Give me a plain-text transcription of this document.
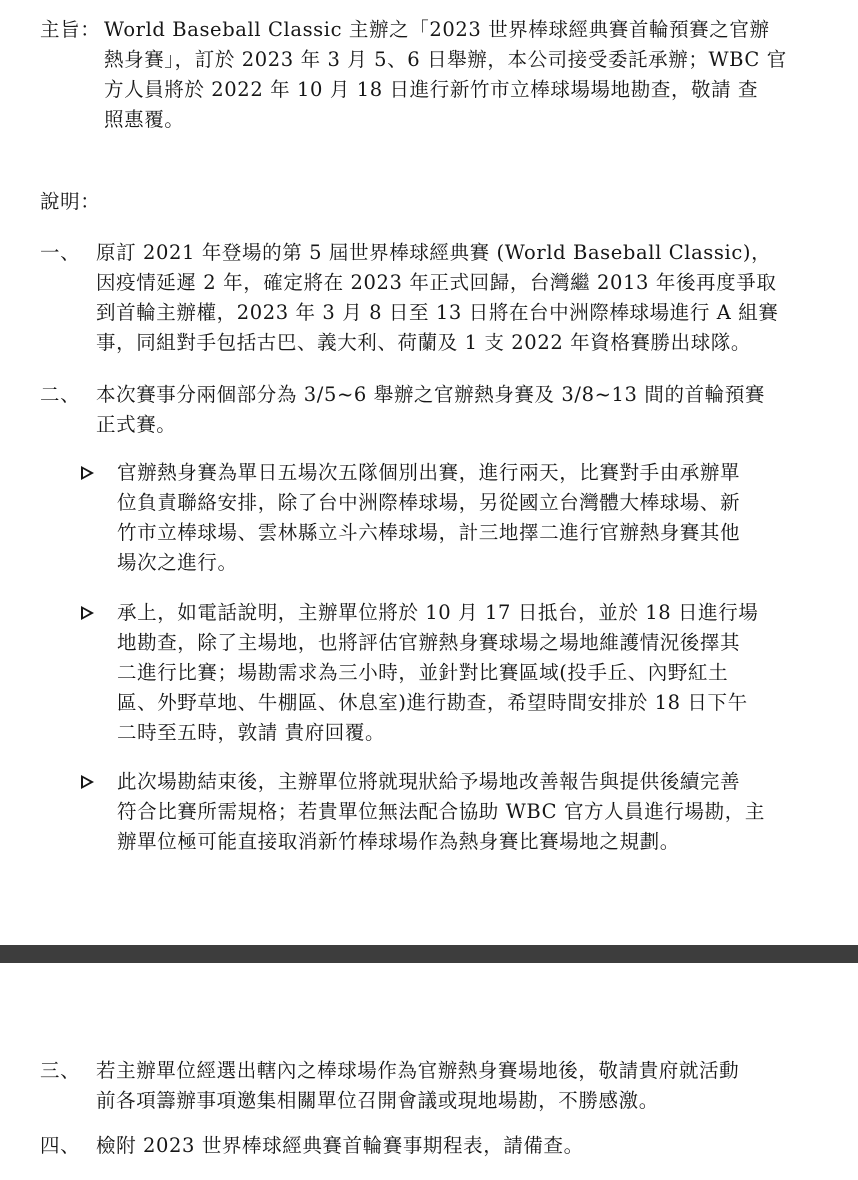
主旨： World Baseball Classic 主辦之「2023 世界棒球經典賽首輪預賽之官辦
熱身賽」，訂於 2023 年 3 月 5、6 日舉辦，本公司接受委託承辦；WBC 官
方人員將於 2022 年 10 月 18 日進行新竹市立棒球場場地勘查，敬請 查
照惠覆。
說明：
一、 原訂 2021 年登場的第 5 屆世界棒球經典賽 (World Baseball Classic)，
因疫情延遲 2 年，確定將在 2023 年正式回歸，台灣繼 2013 年後再度爭取
到首輪主辦權，2023 年 3 月 8 日至 13 日將在台中洲際棒球場進行 A 組賽
事，同組對手包括古巴、義大利、荷蘭及 1 支 2022 年資格賽勝出球隊。
二、 本次賽事分兩個部分為 3/5~6 舉辦之官辦熱身賽及 3/8~13 間的首輪預賽
正式賽。
官辦熱身賽為單日五場次五隊個別出賽，進行兩天，比賽對手由承辦單
位負責聯絡安排，除了台中洲際棒球場，另從國立台灣體大棒球場、新
竹市立棒球場、雲林縣立斗六棒球場，計三地擇二進行官辦熱身賽其他
場次之進行。
承上，如電話說明，主辦單位將於 10 月 17 日抵台，並於 18 日進行場
地勘查，除了主場地，也將評估官辦熱身賽球場之場地維護情況後擇其
二進行比賽；場勘需求為三小時，並針對比賽區域(投手丘、內野紅土
區、外野草地、牛棚區、休息室)進行勘查，希望時間安排於 18 日下午
二時至五時，敦請 貴府回覆。
此次場勘結束後，主辦單位將就現狀給予場地改善報告與提供後續完善
符合比賽所需規格；若貴單位無法配合協助 WBC 官方人員進行場勘，主
辦單位極可能直接取消新竹棒球場作為熱身賽比賽場地之規劃。
三、 若主辦單位經選出轄內之棒球場作為官辦熱身賽場地後，敬請貴府就活動
前各項籌辦事項邀集相關單位召開會議或現地場勘，不勝感激。
四、 檢附 2023 世界棒球經典賽首輪賽事期程表，請備查。
